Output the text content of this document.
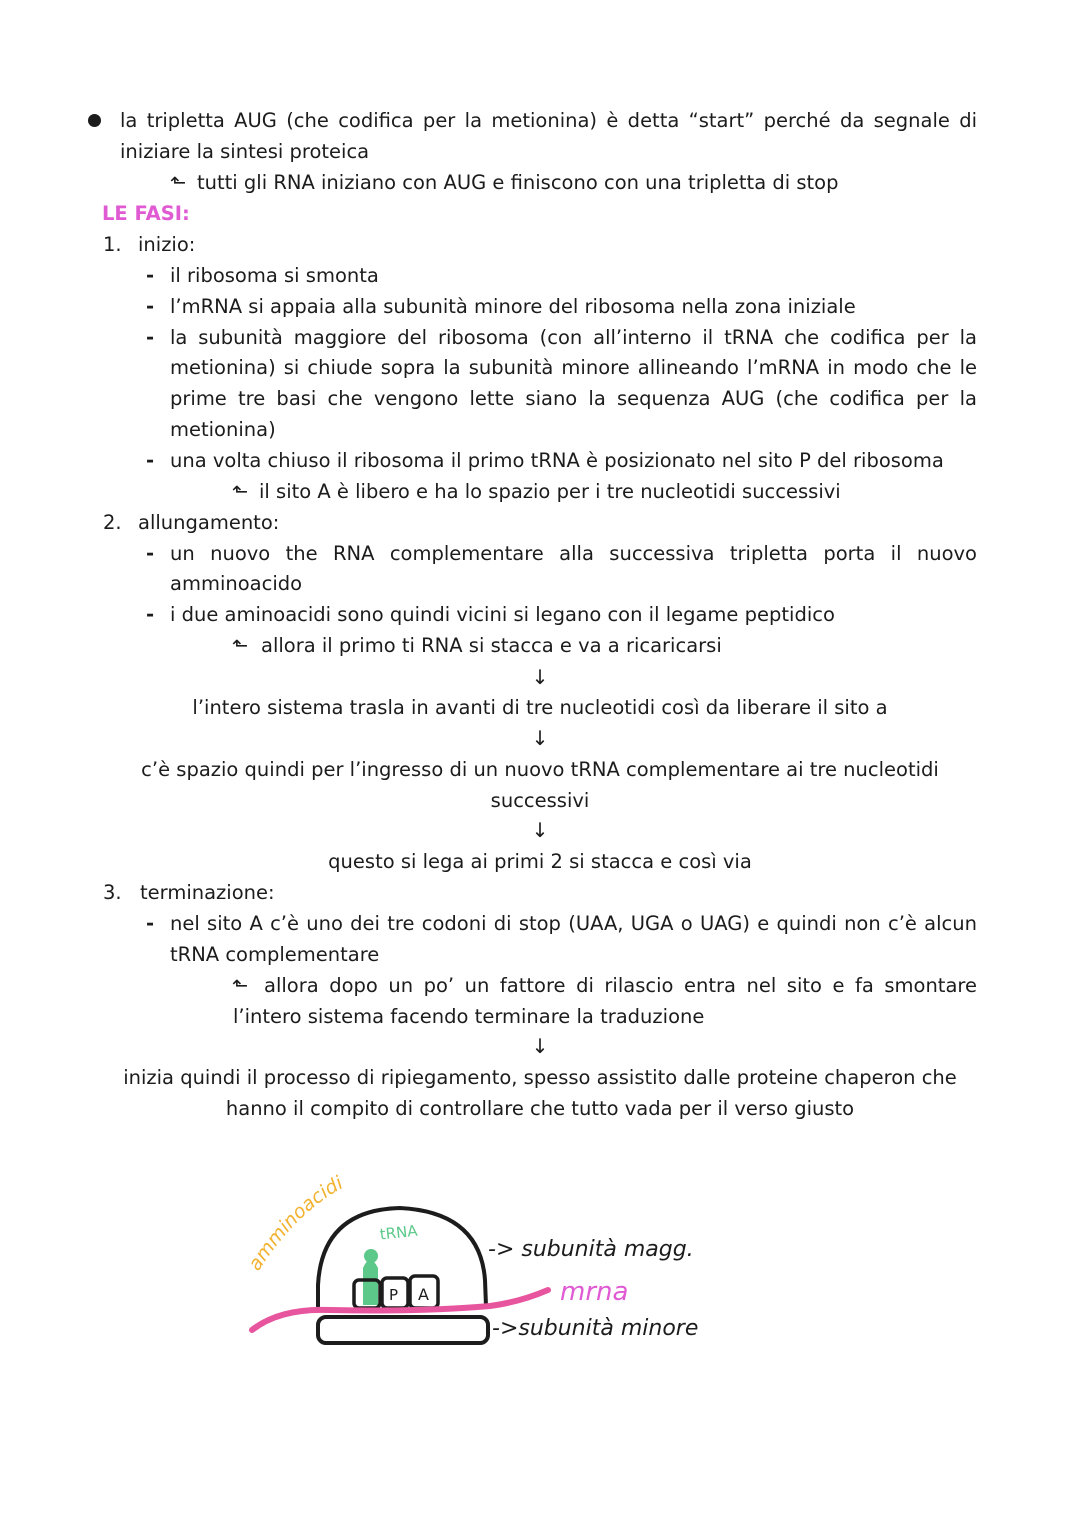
la tripletta AUG (che codifica per la metionina) è detta “start” perché da segnale di

iniziare la sintesi proteica

⬑ tutti gli RNA iniziano con AUG e finiscono con una tripletta di stop

LE FASI:

1. inizio:

- il ribosoma si smonta

- l’mRNA si appaia alla subunità minore del ribosoma nella zona iniziale

- la subunità maggiore del ribosoma (con all’interno il tRNA che codifica per la

metionina) si chiude sopra la subunità minore allineando l’mRNA in modo che le

prime tre basi che vengono lette siano la sequenza AUG (che codifica per la

metionina)

- una volta chiuso il ribosoma il primo tRNA è posizionato nel sito P del ribosoma

⬑ il sito A è libero e ha lo spazio per i tre nucleotidi successivi

2. allungamento:

- un nuovo the RNA complementare alla successiva tripletta porta il nuovo

amminoacido

- i due aminoacidi sono quindi vicini si legano con il legame peptidico

⬑ allora il primo ti RNA si stacca e va a ricaricarsi

↓

l’intero sistema trasla in avanti di tre nucleotidi così da liberare il sito a

↓

c’è spazio quindi per l’ingresso di un nuovo tRNA complementare ai tre nucleotidi

successivi

↓

questo si lega ai primi 2 si stacca e così via

3. terminazione:

- nel sito A c’è uno dei tre codoni di stop (UAA, UGA o UAG) e quindi non c’è alcun

tRNA complementare

⬑ allora dopo un po’ un fattore di rilascio entra nel sito e fa smontare

l’intero sistema facendo terminare la traduzione

↓

inizia quindi il processo di ripiegamento, spesso assistito dalle proteine chaperon che

hanno il compito di controllare che tutto vada per il verso giusto

amminoacidi
tRNA
P A
-> subunità magg.
mrna
->subunità minore
